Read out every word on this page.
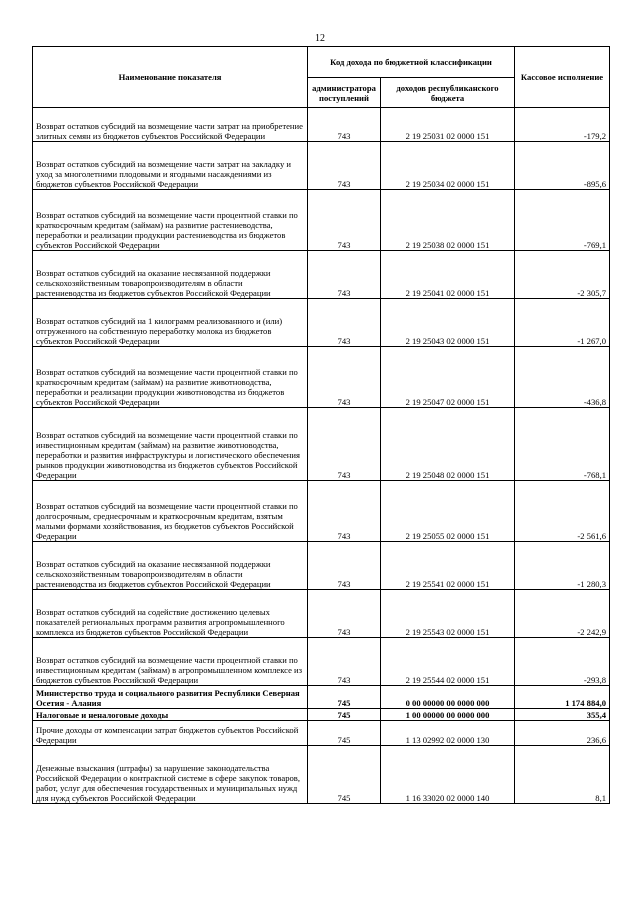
12
Наименование показателя	Код дохода по бюджетной классификации		Кассовое исполнение
	администратора поступлений	доходов республиканского бюджета	
Возврат остатков субсидий на возмещение части затрат на приобретение элитных семян из бюджетов субъектов Российской Федерации	743	2 19 25031 02 0000 151	-179,2
Возврат остатков субсидий на возмещение части затрат на закладку и уход за многолетними плодовыми и ягодными насаждениями из бюджетов субъектов Российской Федерации	743	2 19 25034 02 0000 151	-895,6
Возврат остатков субсидий на возмещение части процентной ставки по краткосрочным кредитам (займам) на развитие растениеводства, переработки и реализации продукции растениеводства из бюджетов субъектов Российской Федерации	743	2 19 25038 02 0000 151	-769,1
Возврат остатков субсидий на оказание несвязанной поддержки сельскохозяйственным товаропроизводителям в области растениеводства из бюджетов субъектов Российской Федерации	743	2 19 25041 02 0000 151	-2 305,7
Возврат остатков субсидий на 1 килограмм реализованного и (или) отгруженного на собственную переработку молока из бюджетов субъектов Российской Федерации	743	2 19 25043 02 0000 151	-1 267,0
Возврат остатков субсидий на возмещение части процентной ставки по краткосрочным кредитам (займам) на развитие животноводства, переработки и реализации продукции животноводства из бюджетов субъектов Российской Федерации	743	2 19 25047 02 0000 151	-436,8
Возврат остатков субсидий на возмещение части процентной ставки по инвестиционным кредитам (займам) на развитие животноводства, переработки и развития инфраструктуры и логистического обеспечения рынков продукции животноводства из бюджетов субъектов Российской Федерации	743	2 19 25048 02 0000 151	-768,1
Возврат остатков субсидий на возмещение части процентной ставки по долгосрочным, среднесрочным и краткосрочным кредитам, взятым малыми формами хозяйствования, из бюджетов субъектов Российской Федерации	743	2 19 25055 02 0000 151	-2 561,6
Возврат остатков субсидий на оказание несвязанной поддержки сельскохозяйственным товаропроизводителям в области растениеводства из бюджетов субъектов Российской Федерации	743	2 19 25541 02 0000 151	-1 280,3
Возврат остатков субсидий на содействие достижению целевых показателей региональных программ развития агропромышленного комплекса из бюджетов субъектов Российской Федерации	743	2 19 25543 02 0000 151	-2 242,9
Возврат остатков субсидий на возмещение части процентной ставки по инвестиционным кредитам (займам) в агропромышленном комплексе из бюджетов субъектов Российской Федерации	743	2 19 25544 02 0000 151	-293,8
Министерство труда и социального развития Республики Северная Осетия - Алания	745	0 00 00000 00 0000 000	1 174 884,0
Налоговые и неналоговые доходы	745	1 00 00000 00 0000 000	355,4
Прочие доходы от компенсации затрат бюджетов субъектов Российской Федерации	745	1 13 02992 02 0000 130	236,6
Денежные взыскания (штрафы) за нарушение законодательства Российской Федерации о контрактной системе в сфере закупок товаров, работ, услуг для обеспечения государственных и муниципальных нужд для нужд субъектов Российской Федерации	745	1 16 33020 02 0000 140	8,1
